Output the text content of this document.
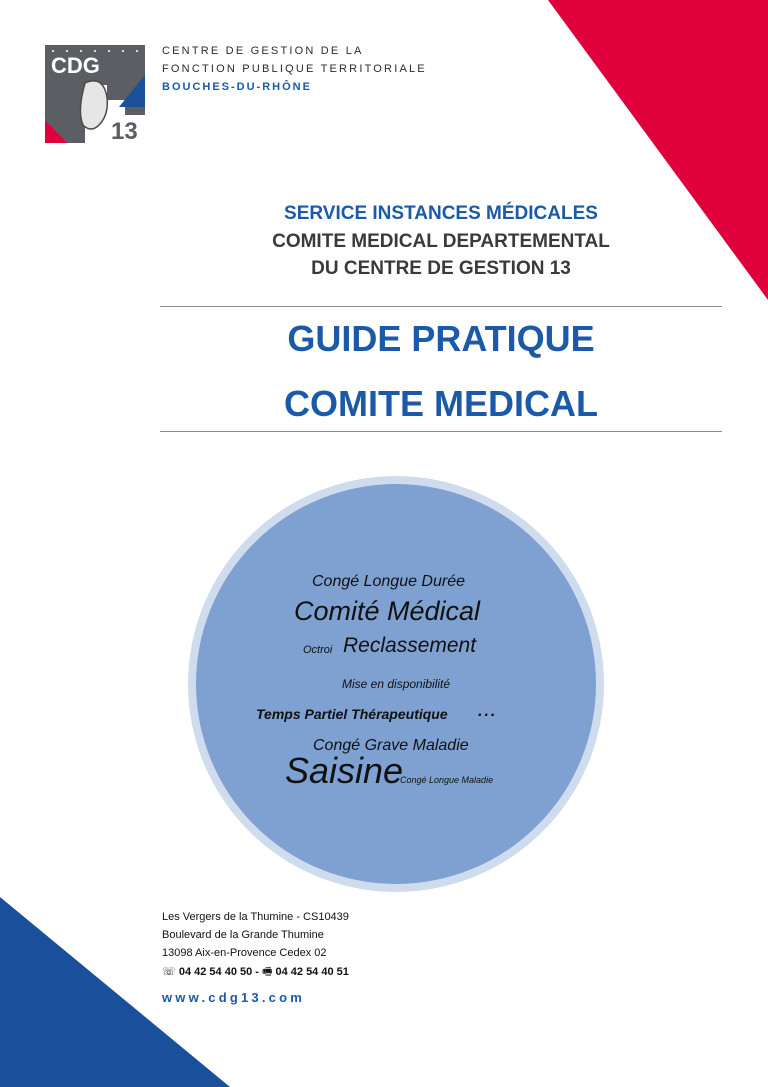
CDG
13
CENTRE DE GESTION DE LA
FONCTION PUBLIQUE TERRITORIALE
BOUCHES-DU-RHÔNE
SERVICE INSTANCES MÉDICALES
COMITE MEDICAL DEPARTEMENTAL
DU CENTRE DE GESTION 13
GUIDE PRATIQUE
COMITE MEDICAL
Congé Longue Durée
Comité Médical
Octroi Reclassement
Mise en disponibilité
Temps Partiel Thérapeutique ...
Congé Grave Maladie
Saisine
Congé Longue Maladie
Les Vergers de la Thumine - CS10439
Boulevard de la Grande Thumine
13098 Aix-en-Provence Cedex 02
☏ 04 42 54 40 50 - 🖷 04 42 54 40 51
www.cdg13.com
